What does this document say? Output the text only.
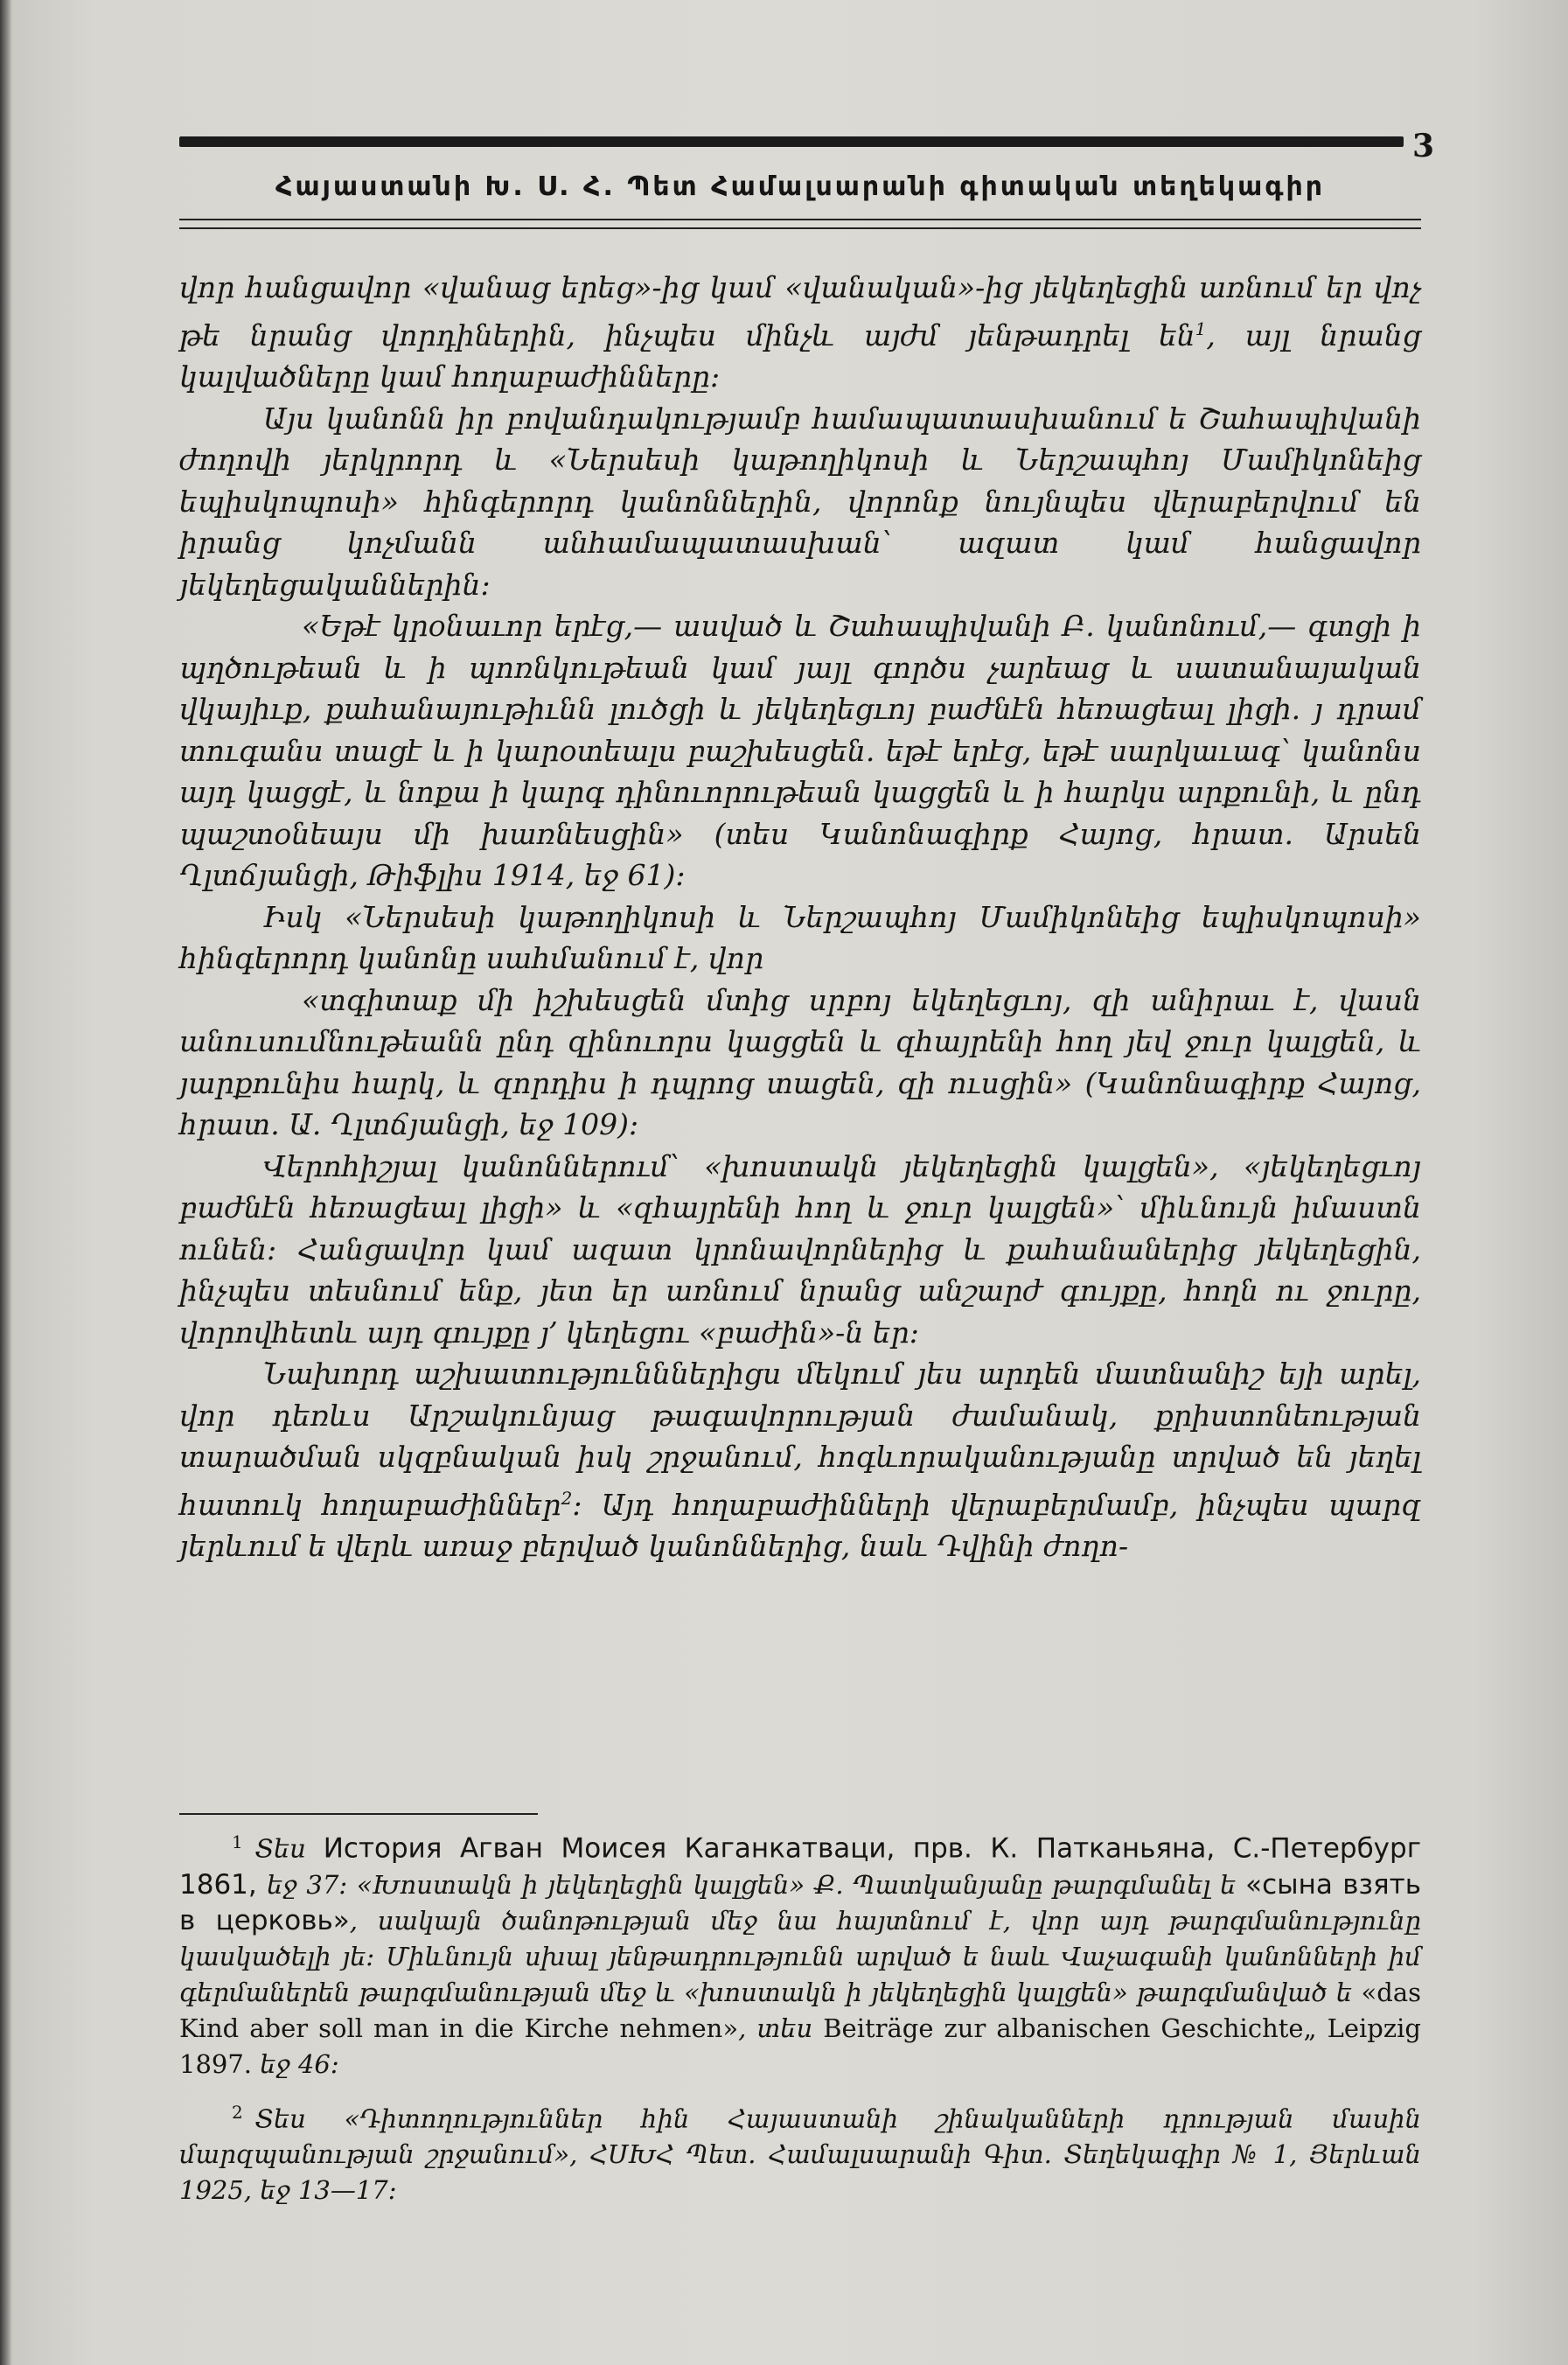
3
Հայաստանի Խ. Ս. Հ. Պետ Համալսարանի գիտական տեղեկագիր

վոր հանցավոր «վանաց երեց»-ից կամ «վանական»-ից յեկեղեցին առնում եր վոչ թե նրանց վորդիներին, ինչպես մինչև այժմ յենթադրել են$^1$, այլ նրանց կալվածները կամ հողաբաժինները։

Այս կանոնն իր բովանդակությամբ համապատասխանում ե Շահապիվանի ժողովի յերկրորդ և «Ներսեսի կաթողիկոսի և Ներշապհոյ Մամիկոնեից եպիսկոպոսի» հինգերորդ կանոններին, վորոնք նույնպես վերաբերվում են իրանց կոչմանն անհամապատասխան՝ ազատ կամ հանցավոր յեկեղեցականներին։

«Եթէ կրօնաւոր երէց,— ասված և Շահապիվանի Բ. կանոնում,— գտցի ի պղծութեան և ի պոռնկութեան կամ յայլ գործս չարեաց և սատանայական վկայիւք, քահանայութիւնն լուծցի և յեկեղեցւոյ բաժնէն հեռացեալ լիցի. յ դրամ տուգանս տացէ և ի կարօտեալս բաշխեսցեն. եթէ երէց, եթէ սարկաւագ՝ կանոնս այդ կացցէ, և նոքա ի կարգ դինուորութեան կացցեն և ի հարկս արքունի, և ընդ պաշտօնեայս մի խառնեսցին» (տես Կանոնագիրք Հայոց, հրատ. Արսեն Ղլտճյանցի, Թիֆլիս 1914, եջ 61)։

Իսկ «Ներսեսի կաթողիկոսի և Ներշապհոյ Մամիկոնեից եպիսկոպոսի» հինգերորդ կանոնը սահմանում է, վոր

«տգիտաք մի իշխեսցեն մտից սրբոյ եկեղեցւոյ, զի անիրաւ է, վասն անուսումնութեանն ընդ զինուորս կացցեն և զհայրենի հող յեվ ջուր կալցեն, և յարքունիս հարկ, և զորդիս ի դպրոց տացեն, զի ուսցին» (Կանոնագիրք Հայոց, հրատ. Ա. Ղլտճյանցի, եջ 109)։

Վերոհիշյալ կանոններում՝ «խոստակն յեկեղեցին կալցեն», «յեկեղեցւոյ բաժնէն հեռացեալ լիցի» և «զհայրենի հող և ջուր կալցեն»՝ միևնույն իմաստն ունեն։ Հանցավոր կամ ազատ կրոնավորներից և քահանաներից յեկեղեցին, ինչպես տեսնում ենք, յետ եր առնում նրանց անշարժ գույքը, հողն ու ջուրը, վորովհետև այդ գույքը յ՚ կեղեցու «բաժին»-ն եր։

Նախորդ աշխատությունններիցս մեկում յես արդեն մատնանիշ եյի արել, վոր դեռևս Արշակունյաց թագավորության ժամանակ, քրիստոնեության տարածման սկզբնական իսկ շրջանում, հոգևորականությանը տրված են յեղել հատուկ հողաբաժիններ$^2$։ Այդ հողաբաժինների վերաբերմամբ, ինչպես պարզ յերևում ե վերև առաջ բերված կանոններից, նաև Դվինի ժողո-

$^1$ Տես История Агван Моисея Каганкатваци, прв. К. Патканьяна, С.-Петербург 1861, եջ 37։ «Խոստակն ի յեկեղեցին կալցեն» Ք. Պատկանյանը թարգմանել ե «сына взять в церковь», սակայն ծանոթության մեջ նա հայտնում է, վոր այդ թարգմանությունը կասկածելի յե։ Միևնույն սխալ յենթադրությունն արված ե նաև Վաչագանի կանոնների իմ գերմաներեն թարգմանության մեջ և «խոստակն ի յեկեղեցին կալցեն» թարգմանված ե «das Kind aber soll man in die Kirche nehmen», տես Beiträge zur albanischen Geschichte„ Leipzig 1897. եջ 46։

$^2$ Տես «Դիտողություններ հին Հայաստանի շինականների դրության մասին մարզպանության շրջանում», ՀՍԽՀ Պետ. Համալսարանի Գիտ. Տեղեկագիր № 1, Յերևան 1925, եջ 13—17։
